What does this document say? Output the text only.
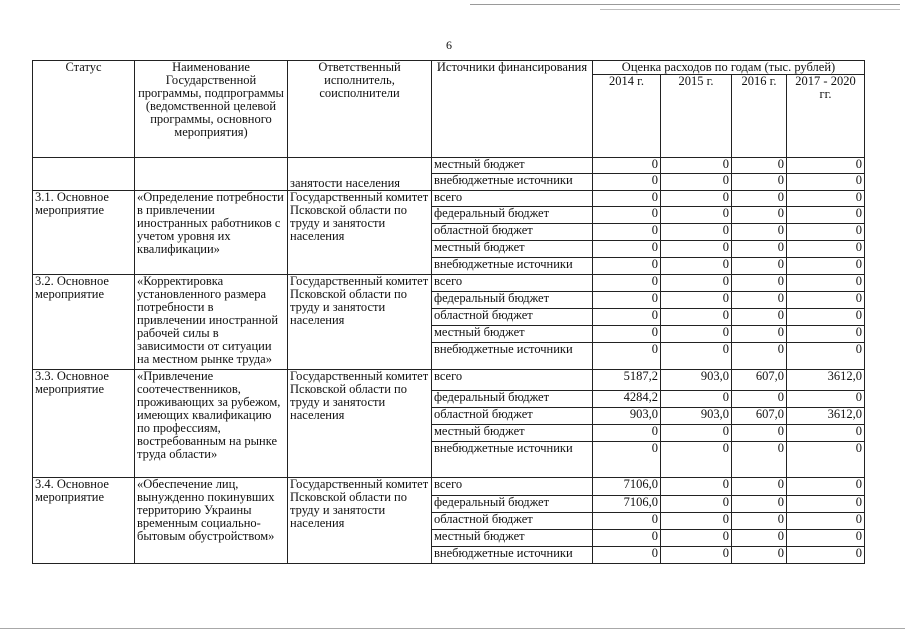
6
Статус	Наименование Государственной программы, подпрограммы (ведомственной целевой программы, основного мероприятия)	Ответственный исполнитель, соисполнители	Источники финансирования	Оценка расходов по годам (тыс. рублей)			
				2014 г.	2015 г.	2016 г.	2017 - 2020 гг.
		занятости населения	местный бюджет	0	0	0	0
			внебюджетные источники	0	0	0	0
3.1. Основное мероприятие	«Определение потребности в привлечении иностранных работников с учетом уровня их квалификации»	Государственный комитет Псковской области по труду и занятости населения	всего	0	0	0	0
			федеральный бюджет	0	0	0	0
			областной бюджет	0	0	0	0
			местный бюджет	0	0	0	0
			внебюджетные источники	0	0	0	0
3.2. Основное мероприятие	«Корректировка установленного размера потребности в привлечении иностранной рабочей силы в зависимости от ситуации на местном рынке труда»	Государственный комитет Псковской области по труду и занятости населения	всего	0	0	0	0
			федеральный бюджет	0	0	0	0
			областной бюджет	0	0	0	0
			местный бюджет	0	0	0	0
			внебюджетные источники	0	0	0	0
3.3. Основное мероприятие	«Привлечение соотечественников, проживающих за рубежом, имеющих квалификацию по профессиям, востребованным на рынке труда области»	Государственный комитет Псковской области по труду и занятости населения	всего	5187,2	903,0	607,0	3612,0
			федеральный бюджет	4284,2	0	0	0
			областной бюджет	903,0	903,0	607,0	3612,0
			местный бюджет	0	0	0	0
			внебюджетные источники	0	0	0	0
3.4. Основное мероприятие	«Обеспечение лиц, вынужденно покинувших территорию Украины временным социально-бытовым обустройством»	Государственный комитет Псковской области по труду и занятости населения	всего	7106,0	0	0	0
			федеральный бюджет	7106,0	0	0	0
			областной бюджет	0	0	0	0
			местный бюджет	0	0	0	0
			внебюджетные источники	0	0	0	0
